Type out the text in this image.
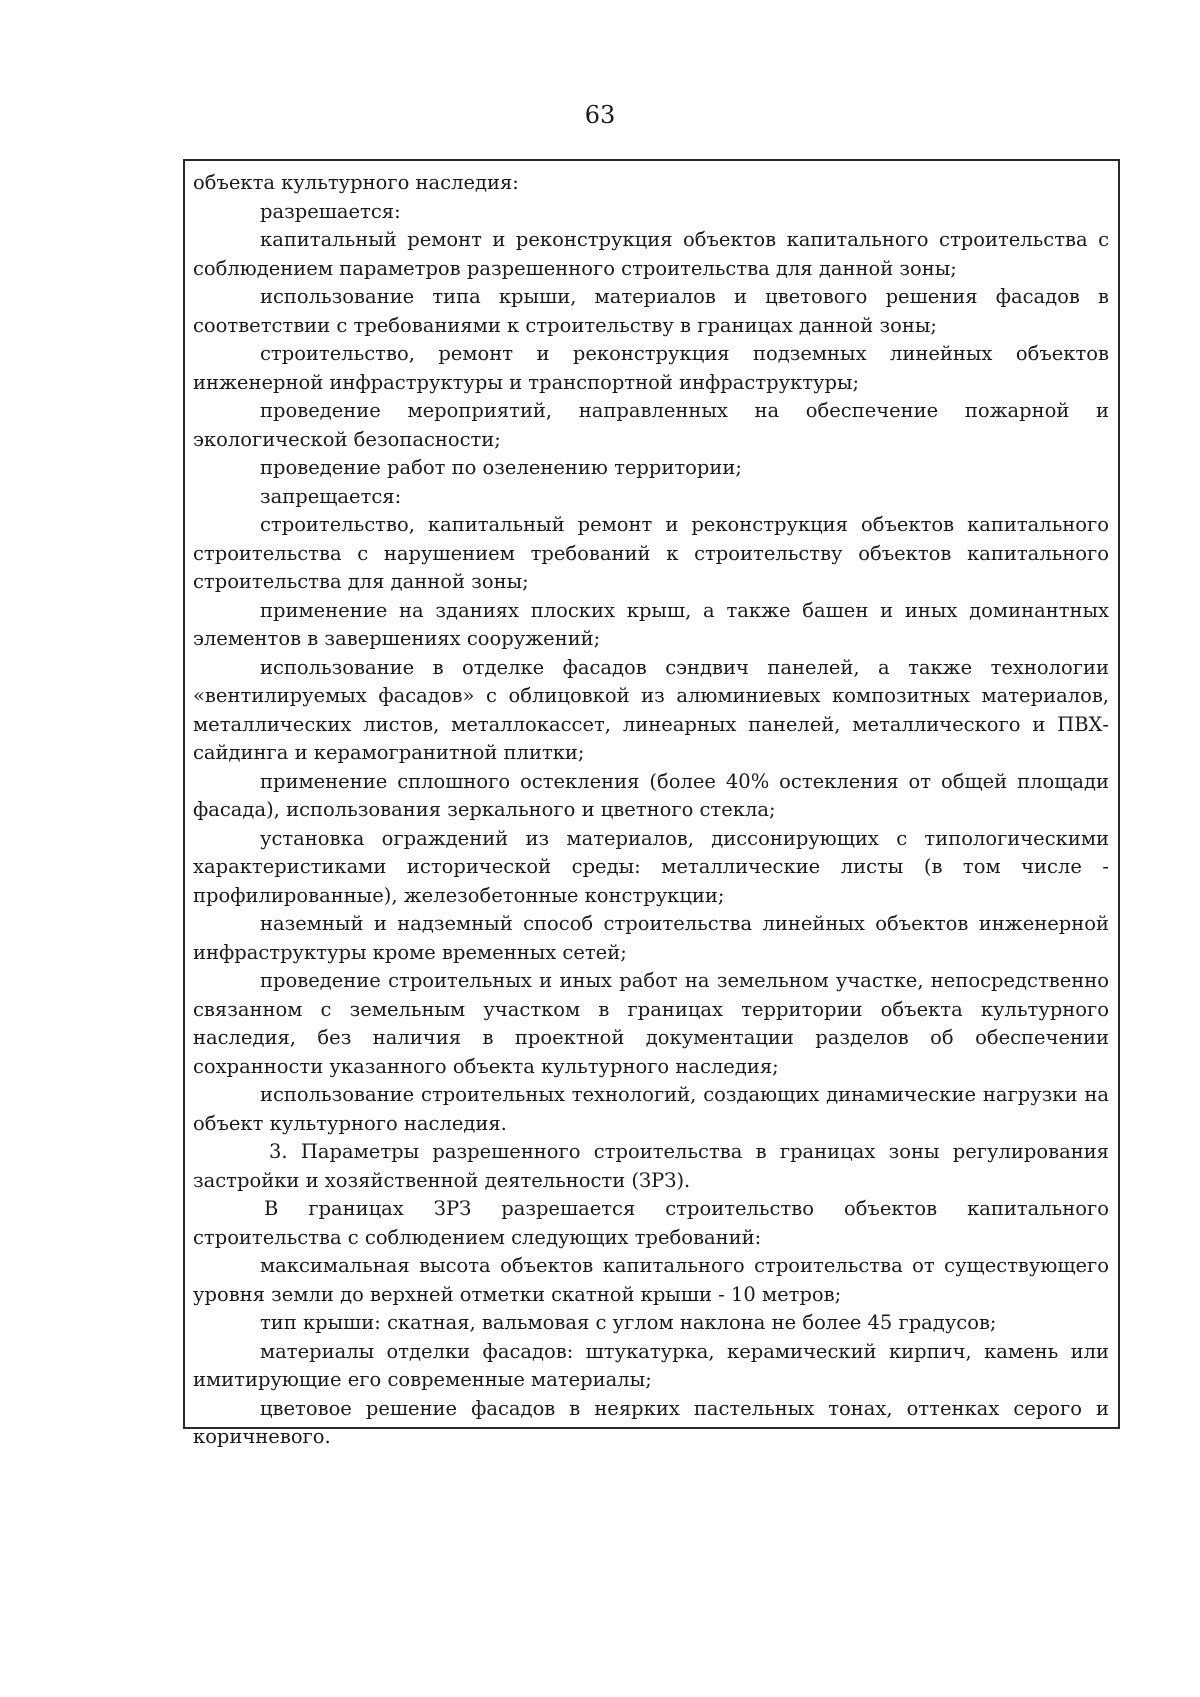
63

объекта культурного наследия:

разрешается:

капитальный ремонт и реконструкция объектов капитального строительства с соблюдением параметров разрешенного строительства для данной зоны;

использование типа крыши, материалов и цветового решения фасадов в соответствии с требованиями к строительству в границах данной зоны;

строительство, ремонт и реконструкция подземных линейных объектов инженерной инфраструктуры и транспортной инфраструктуры;

проведение мероприятий, направленных на обеспечение пожарной и экологической безопасности;

проведение работ по озеленению территории;

запрещается:

строительство, капитальный ремонт и реконструкция объектов капитального строительства с нарушением требований к строительству объектов капитального строительства для данной зоны;

применение на зданиях плоских крыш, а также башен и иных доминантных элементов в завершениях сооружений;

использование в отделке фасадов сэндвич панелей, а также технологии «вентилируемых фасадов» с облицовкой из алюминиевых композитных материалов, металлических листов, металлокассет, линеарных панелей, металлического и ПВХ-сайдинга и керамогранитной плитки;

применение сплошного остекления (более 40% остекления от общей площади фасада), использования зеркального и цветного стекла;

установка ограждений из материалов, диссонирующих с типологическими характеристиками исторической среды: металлические листы (в том числе - профилированные), железобетонные конструкции;

наземный и надземный способ строительства линейных объектов инженерной инфраструктуры кроме временных сетей;

проведение строительных и иных работ на земельном участке, непосредственно связанном с земельным участком в границах территории объекта культурного наследия, без наличия в проектной документации разделов об обеспечении сохранности указанного объекта культурного наследия;

использование строительных технологий, создающих динамические нагрузки на объект культурного наследия.

3. Параметры разрешенного строительства в границах зоны регулирования застройки и хозяйственной деятельности (ЗРЗ).

В границах ЗРЗ разрешается строительство объектов капитального строительства с соблюдением следующих требований:

максимальная высота объектов капитального строительства от существующего уровня земли до верхней отметки скатной крыши - 10 метров;

тип крыши: скатная, вальмовая с углом наклона не более 45 градусов;

материалы отделки фасадов: штукатурка, керамический кирпич, камень или имитирующие его современные материалы;

цветовое решение фасадов в неярких пастельных тонах, оттенках серого и коричневого.
